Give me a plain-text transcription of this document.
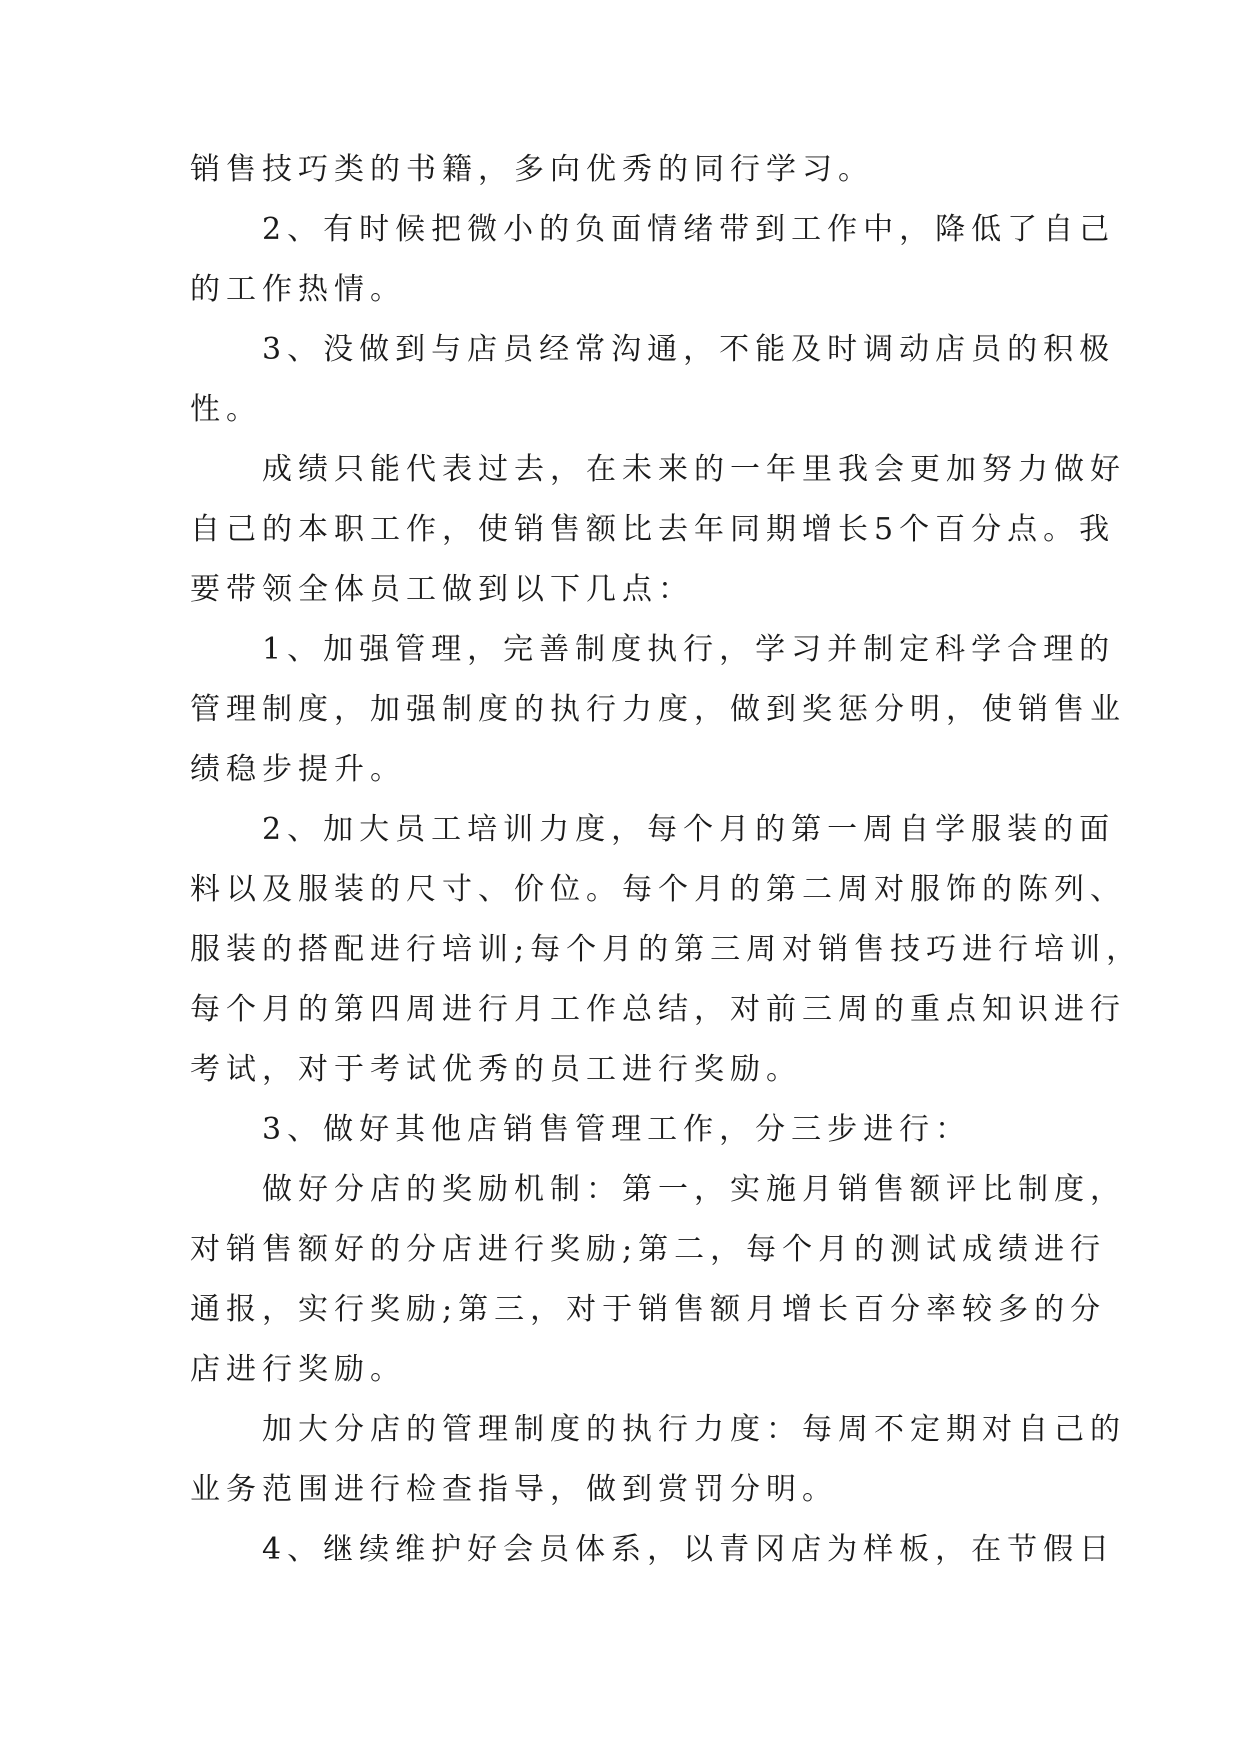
销售技巧类的书籍，多向优秀的同行学习。
　　2、有时候把微小的负面情绪带到工作中，降低了自己
的工作热情。
　　3、没做到与店员经常沟通，不能及时调动店员的积极
性。
　　成绩只能代表过去，在未来的一年里我会更加努力做好
自己的本职工作，使销售额比去年同期增长5个百分点。我
要带领全体员工做到以下几点：
　　1、加强管理，完善制度执行，学习并制定科学合理的
管理制度，加强制度的执行力度，做到奖惩分明，使销售业
绩稳步提升。
　　2、加大员工培训力度，每个月的第一周自学服装的面
料以及服装的尺寸、价位。每个月的第二周对服饰的陈列、
服装的搭配进行培训;每个月的第三周对销售技巧进行培训，
每个月的第四周进行月工作总结，对前三周的重点知识进行
考试，对于考试优秀的员工进行奖励。
　　3、做好其他店销售管理工作，分三步进行：
　　做好分店的奖励机制：第一，实施月销售额评比制度，
对销售额好的分店进行奖励;第二，每个月的测试成绩进行
通报，实行奖励;第三，对于销售额月增长百分率较多的分
店进行奖励。
　　加大分店的管理制度的执行力度：每周不定期对自己的
业务范围进行检查指导，做到赏罚分明。
　　4、继续维护好会员体系，以青冈店为样板，在节假日
